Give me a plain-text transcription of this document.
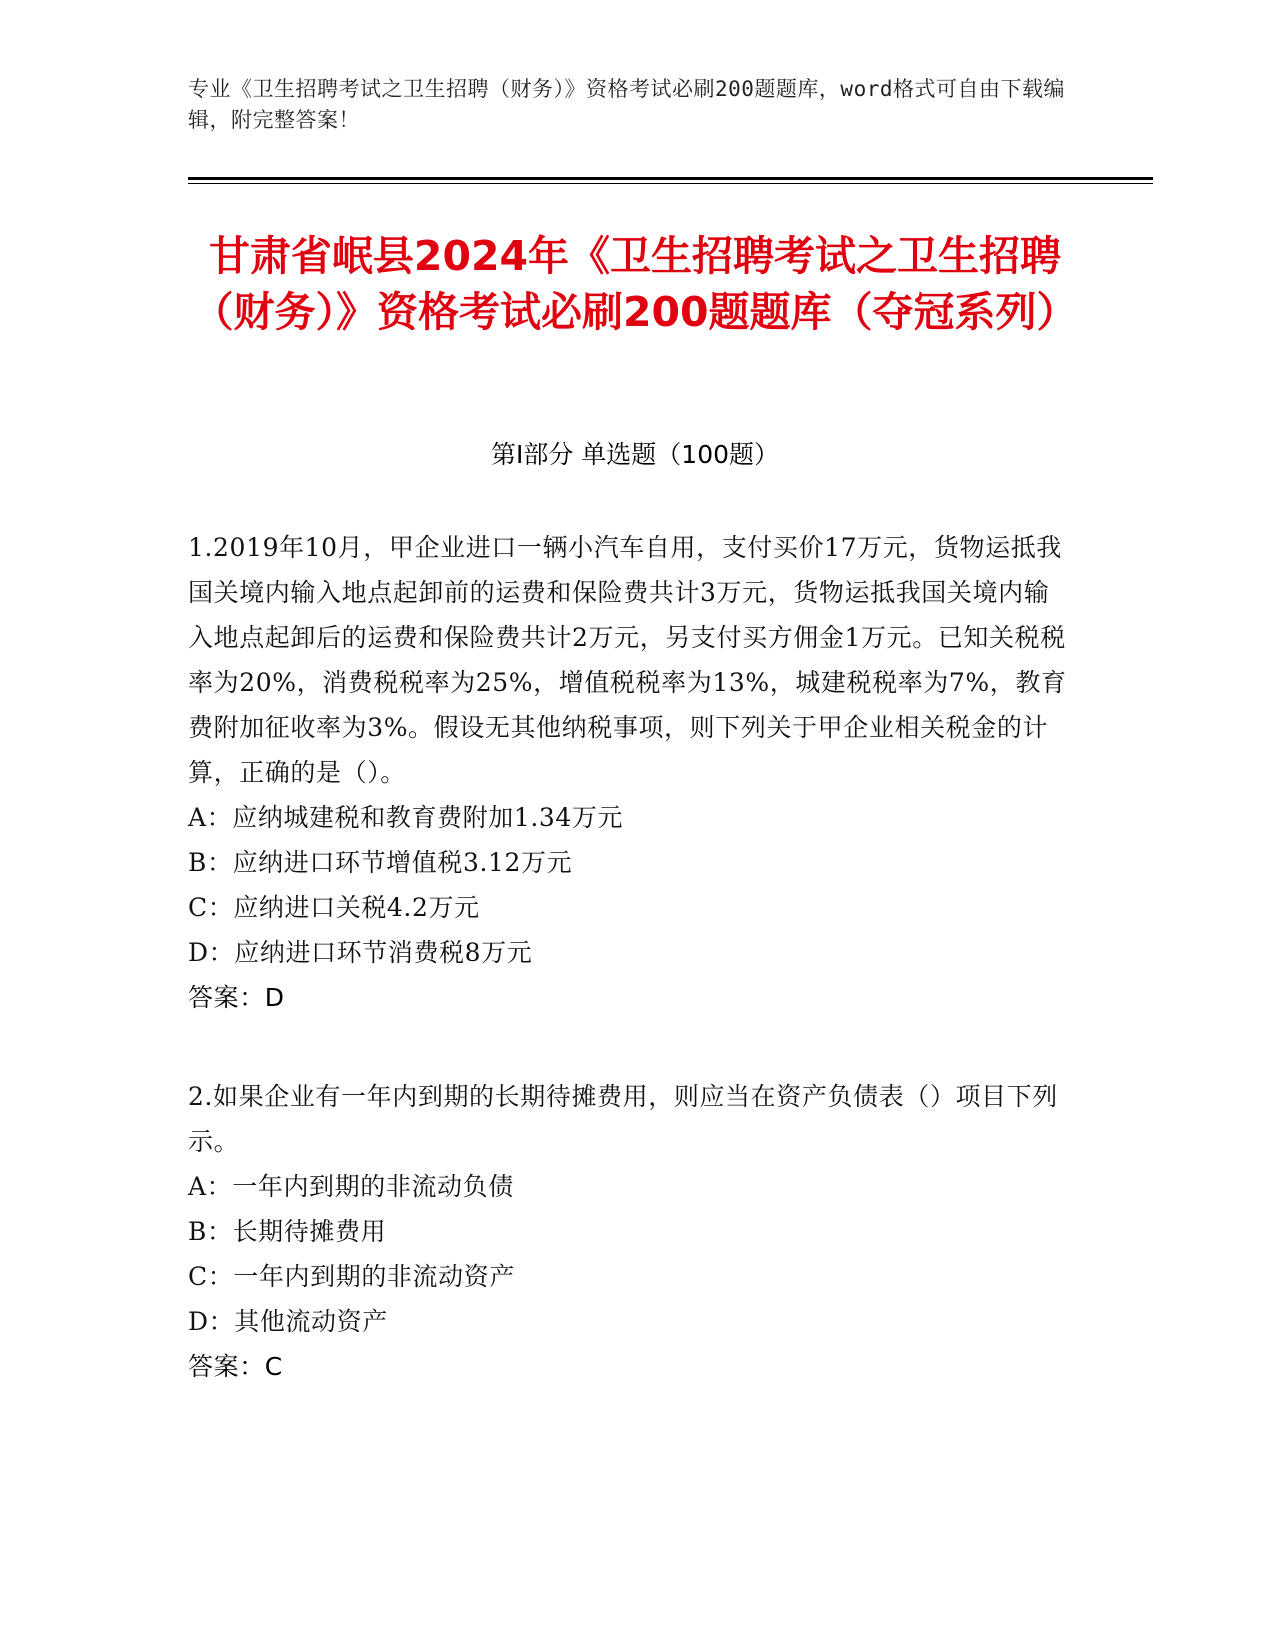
专业《卫生招聘考试之卫生招聘（财务）》资格考试必刷200题题库，word格式可自由下载编辑，附完整答案！
甘肃省岷县2024年《卫生招聘考试之卫生招聘（财务）》资格考试必刷200题题库（夺冠系列）
第I部分 单选题（100题）
1.2019年10月，甲企业进口一辆小汽车自用，支付买价17万元，货物运抵我国关境内输入地点起卸前的运费和保险费共计3万元，货物运抵我国关境内输入地点起卸后的运费和保险费共计2万元，另支付买方佣金1万元。已知关税税率为20%，消费税税率为25%，增值税税率为13%，城建税税率为7%，教育费附加征收率为3%。假设无其他纳税事项，则下列关于甲企业相关税金的计算，正确的是（）。
A：应纳城建税和教育费附加1.34万元
B：应纳进口环节增值税3.12万元
C：应纳进口关税4.2万元
D：应纳进口环节消费税8万元
答案：D
2.如果企业有一年内到期的长期待摊费用，则应当在资产负债表（）项目下列示。
A：一年内到期的非流动负债
B：长期待摊费用
C：一年内到期的非流动资产
D：其他流动资产
答案：C
